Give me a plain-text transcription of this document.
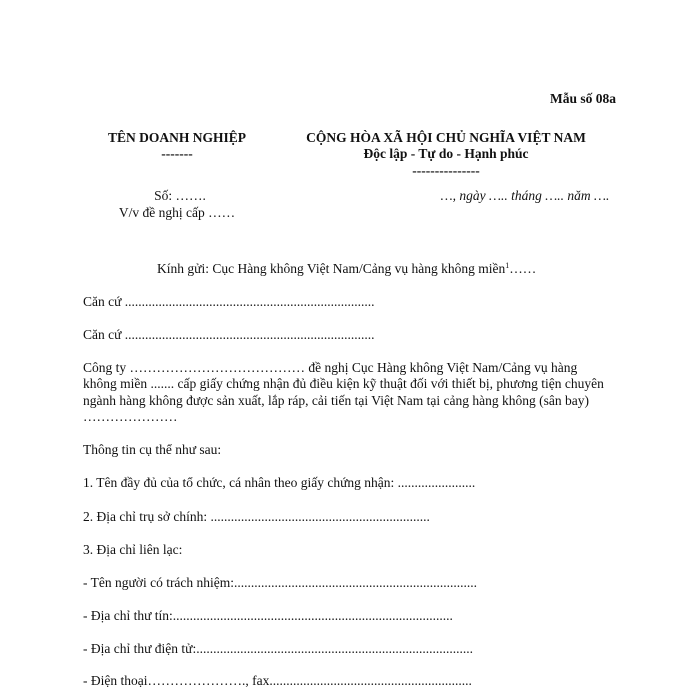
Mẫu số 08a
TÊN DOANH NGHIỆP
-------
Số: …….
V/v đề nghị cấp ……
CỘNG HÒA XÃ HỘI CHỦ NGHĨA VIỆT NAM
Độc lập - Tự do - Hạnh phúc
---------------
…, ngày ….. tháng ….. năm ….
Kính gửi: Cục Hàng không Việt Nam/Cảng vụ hàng không miền$^1$……
Căn cứ ..........................................................................
Căn cứ ..........................................................................
Công ty ………………………………… đề nghị Cục Hàng không Việt Nam/Cảng vụ hàng
không miền ....... cấp giấy chứng nhận đủ điều kiện kỹ thuật đối với thiết bị, phương tiện chuyên
ngành hàng không được sản xuất, lắp ráp, cải tiến tại Việt Nam tại cảng hàng không (sân bay)
…………………
Thông tin cụ thể như sau:
1. Tên đầy đủ của tổ chức, cá nhân theo giấy chứng nhận: .......................
2. Địa chỉ trụ sở chính: .................................................................
3. Địa chỉ liên lạc:
- Tên người có trách nhiệm:........................................................................
- Địa chỉ thư tín:...................................................................................
- Địa chỉ thư điện tử:..................................................................................
- Điện thoại…………………., fax............................................................
